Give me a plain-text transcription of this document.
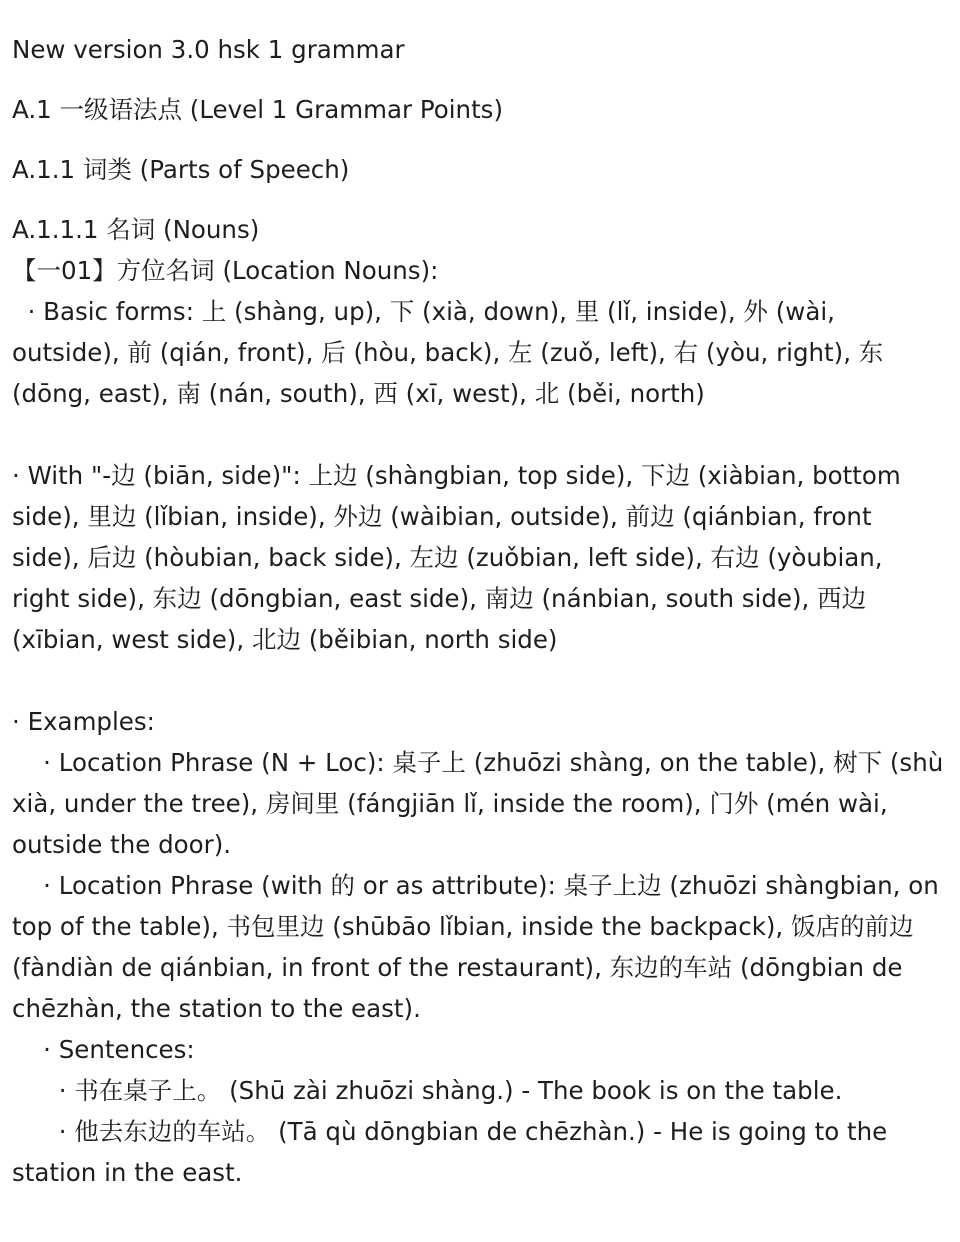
New version 3.0 hsk 1 grammar
A.1 一级语法点 (Level 1 Grammar Points)
A.1.1 词类 (Parts of Speech)
A.1.1.1 名词 (Nouns)
【一01】方位名词 (Location Nouns):
· Basic forms: 上 (shàng, up), 下 (xià, down), 里 (lǐ, inside), 外 (wài, outside), 前 (qián, front), 后 (hòu, back), 左 (zuǒ, left), 右 (yòu, right), 东 (dōng, east), 南 (nán, south), 西 (xī, west), 北 (běi, north)
· With "-边 (biān, side)": 上边 (shàngbian, top side), 下边 (xiàbian, bottom side), 里边 (lǐbian, inside), 外边 (wàibian, outside), 前边 (qiánbian, front side), 后边 (hòubian, back side), 左边 (zuǒbian, left side), 右边 (yòubian, right side), 东边 (dōngbian, east side), 南边 (nánbian, south side), 西边 (xībian, west side), 北边 (běibian, north side)
· Examples:
· Location Phrase (N + Loc): 桌子上 (zhuōzi shàng, on the table), 树下 (shù xià, under the tree), 房间里 (fángjiān lǐ, inside the room), 门外 (mén wài, outside the door).
· Location Phrase (with 的 or as attribute): 桌子上边 (zhuōzi shàngbian, on top of the table), 书包里边 (shūbāo lǐbian, inside the backpack), 饭店的前边 (fàndiàn de qiánbian, in front of the restaurant), 东边的车站 (dōngbian de chēzhàn, the station to the east).
· Sentences:
· 书在桌子上。 (Shū zài zhuōzi shàng.) - The book is on the table.
· 他去东边的车站。 (Tā qù dōngbian de chēzhàn.) - He is going to the station in the east.
